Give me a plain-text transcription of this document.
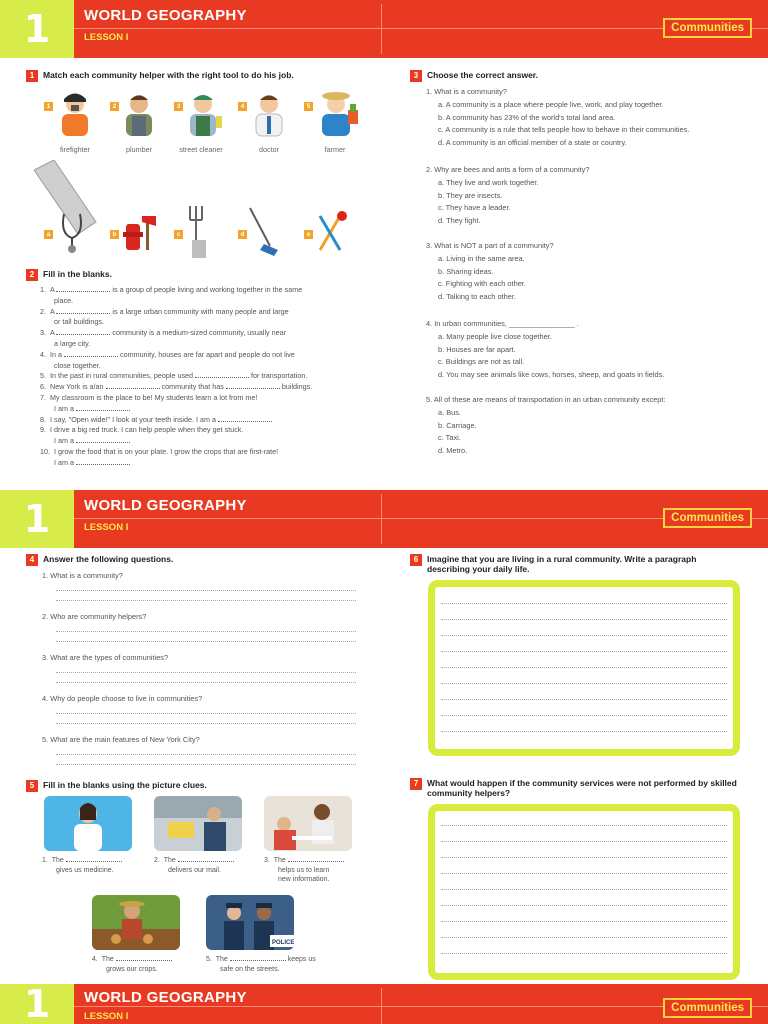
1	WORLD GEOGRAPHY
LESSON I
Communities
1	Match each community helper with the right tool to do his job.
1
firefighter
2
plumber
3
street cleaner
4
doctor
5
farmer
a	b	c	d	e
2	Fill in the blanks.
1. A	is a group of people living and working together in the same
place.
2. A	is a large urban community with many people and large
or tall buildings.
3. A	community is a medium-sized community, usually near
a large city.
4. In a	community, houses are far apart and people do not live
close together.
5. In the past in rural communities, people used	for transportation.
6. New York is a/an	community that has	buildings.
7. My classroom is the place to be! My students learn a lot from me!
I am a
8. I say, "Open wide!" I look at your teeth inside. I am a
9. I drive a big red truck. I can help people when they get stuck.
I am a
10. I grow the food that is on your plate. I grow the crops that are first-rate!
I am a
3	Choose the correct answer.
1. What is a community?
a. A community is a place where people live, work, and play together.
b. A community has 23% of the world's total land area.
c. A community is a rule that tells people how to behave in their communities.
d. A community is an official member of a state or country.
2. Why are bees and ants a form of a community?
a. They live and work together.
b. They are insects.
c. They have a leader.
d. They fight.
3. What is NOT a part of a community?
a. Living in the same area.
b. Sharing ideas.
c. Fighting with each other.
d. Talking to each other.
4. In urban communities, ________________ .
a. Many people live close together.
b. Houses are far apart.
c. Buildings are not as tall.
d. You may see animals like cows, horses, sheep, and goats in fields.
5. All of these are means of transportation in an urban community except:
a. Bus.
b. Carriage.
c. Taxi.
d. Metro.
1	WORLD GEOGRAPHY
LESSON I
Communities
4	Answer the following questions.
1. What is a community?
2. Who are community helpers?
3. What are the types of communities?
4. Why do people choose to live in communities?
5. What are the main features of New York City?
5	Fill in the blanks using the picture clues.
1. The
gives us medicine.
2. The
delivers our mail.
3. The
helps us to learn
new information.
POLICE
4. The
grows our crops.
5. The	keeps us
safe on the streets.
6	Imagine that you are living in a rural community. Write a paragraph
describing your daily life.
7	What would happen if the community services were not performed by skilled
community helpers?
1	WORLD GEOGRAPHY
LESSON I
Communities
